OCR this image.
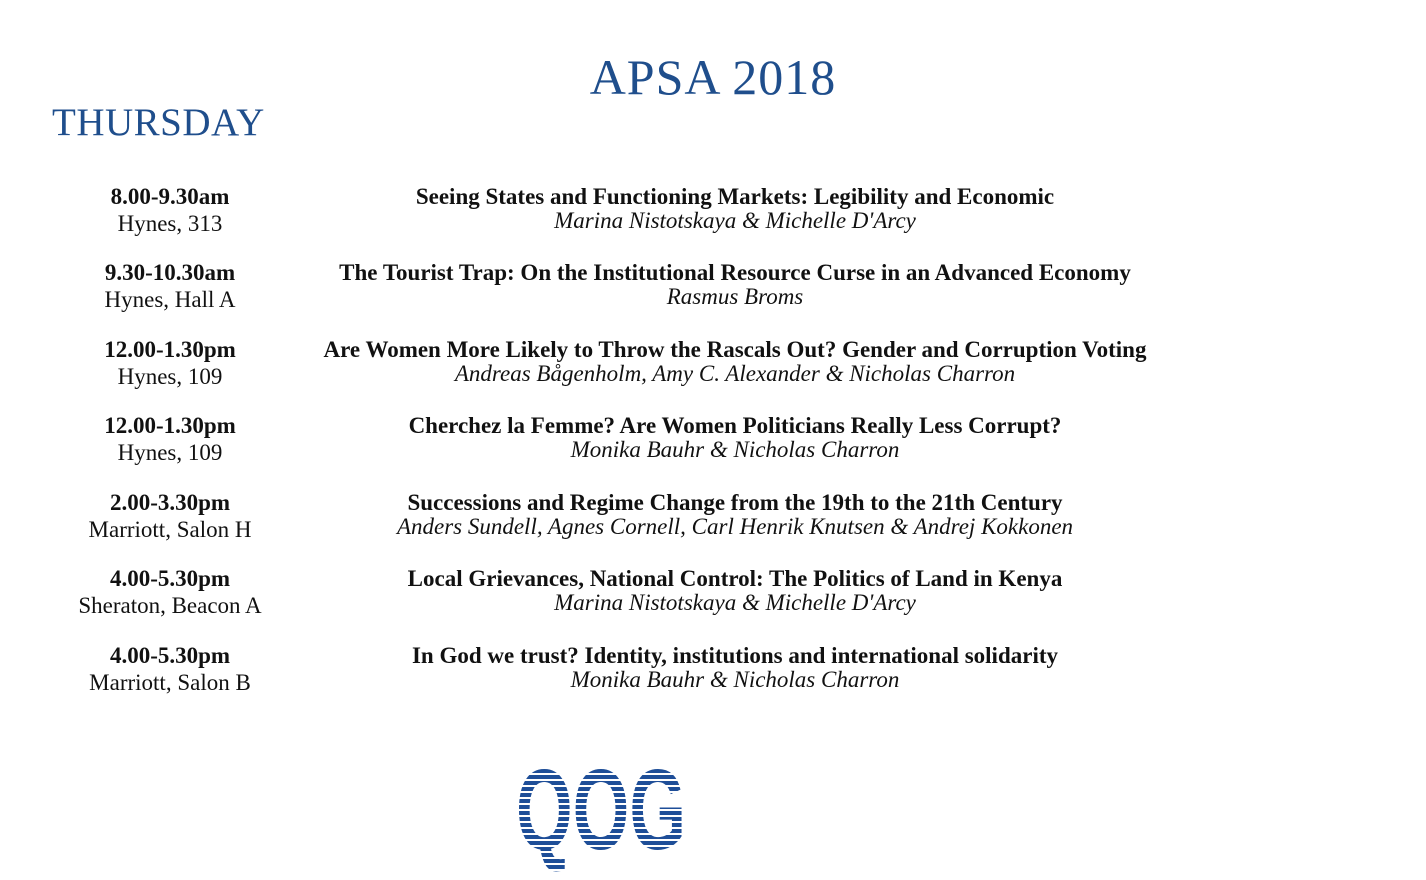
APSA 2018
THURSDAY
8.00-9.30am
Hynes, 313
Seeing States and Functioning Markets: Legibility and Economic
Marina Nistotskaya & Michelle D'Arcy
9.30-10.30am
Hynes, Hall A
The Tourist Trap: On the Institutional Resource Curse in an Advanced Economy
Rasmus Broms
12.00-1.30pm
Hynes, 109
Are Women More Likely to Throw the Rascals Out? Gender and Corruption Voting
Andreas Bågenholm, Amy C. Alexander & Nicholas Charron
12.00-1.30pm
Hynes, 109
Cherchez la Femme? Are Women Politicians Really Less Corrupt?
Monika Bauhr & Nicholas Charron
2.00-3.30pm
Marriott, Salon H
Successions and Regime Change from the 19th to the 21th Century
Anders Sundell, Agnes Cornell, Carl Henrik Knutsen & Andrej Kokkonen
4.00-5.30pm
Sheraton, Beacon A
Local Grievances, National Control: The Politics of Land in Kenya
Marina Nistotskaya & Michelle D'Arcy
4.00-5.30pm
Marriott, Salon B
In God we trust? Identity, institutions and international solidarity
Monika Bauhr & Nicholas Charron
QOG
